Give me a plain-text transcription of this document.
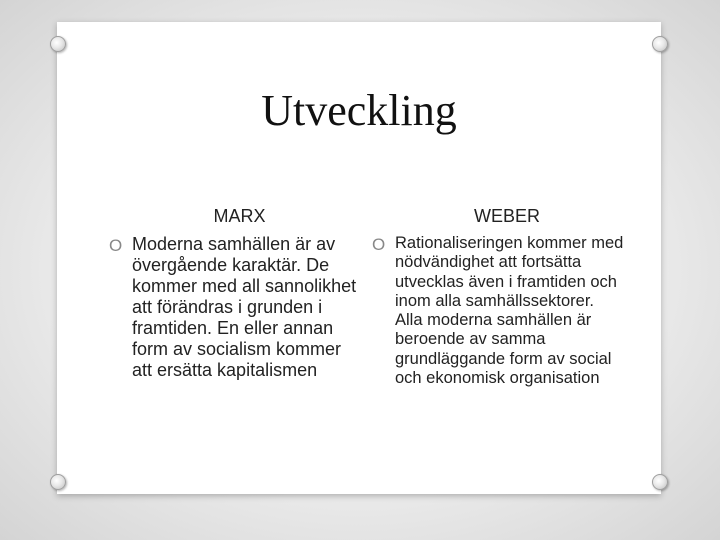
Utveckling
MARX	WEBER
O Moderna samhällen är av övergående karaktär. De kommer med all sannolikhet att förändras i grunden i framtiden. En eller annan form av socialism kommer att ersätta kapitalismen
O Rationaliseringen kommer med nödvändighet att fortsätta utvecklas även i framtiden och inom alla samhällssektorer. Alla moderna samhällen är beroende av samma grundläggande form av social och ekonomisk organisation
